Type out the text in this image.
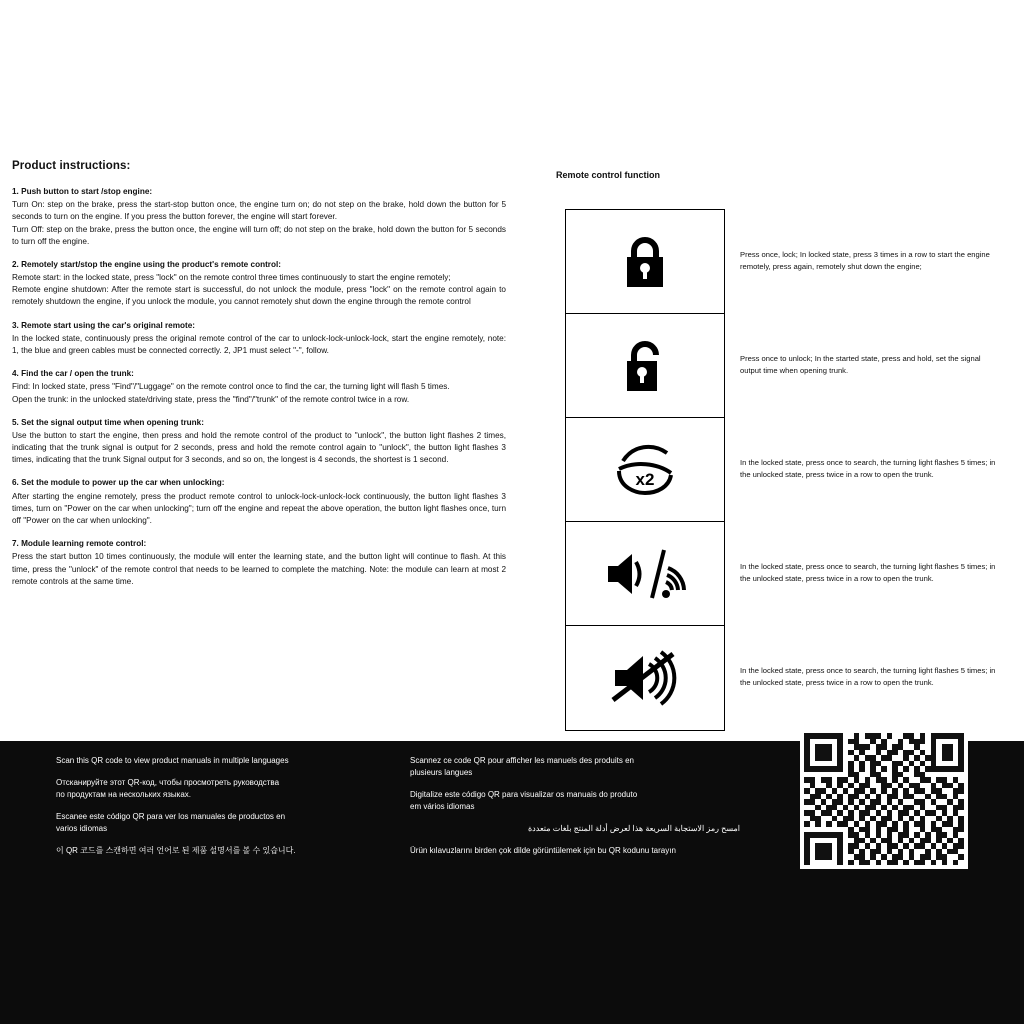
Product instructions:
1. Push button to start /stop engine:

Turn On: step on the brake, press the start-stop button once, the engine turn on; do not step on the brake, hold down the button for 5 seconds to turn on the engine. If you press the button forever, the engine will start forever.

Turn Off: step on the brake, press the button once, the engine will turn off; do not step on the brake, hold down the button for 5 seconds to turn off the engine.

2. Remotely start/stop the engine using the product's remote control:

Remote start: in the locked state, press "lock" on the remote control three times continuously to start the engine remotely;

Remote engine shutdown: After the remote start is successful, do not unlock the module, press "lock" on the remote control again to remotely shutdown the engine, if you unlock the module, you cannot remotely shut down the engine through the remote control

3. Remote start using the car's original remote:

In the locked state, continuously press the original remote control of the car to unlock-lock-unlock-lock, start the engine remotely, note: 1, the blue and green cables must be connected correctly. 2, JP1 must select "-", follow.

4. Find the car / open the trunk:

Find: In locked state, press "Find"/"Luggage" on the remote control once to find the car, the turning light will flash 5 times.

Open the trunk: in the unlocked state/driving state, press the "find"/"trunk" of the remote control twice in a row.

5. Set the signal output time when opening trunk:

Use the button to start the engine, then press and hold the remote control of the product to "unlock", the button light flashes 2 times, indicating that the trunk signal is output for 2 seconds, press and hold the remote control again to "unlock", the button light flashes 3 times, indicating that the trunk Signal output for 3 seconds, and so on, the longest is 4 seconds, the shortest is 1 second.

6. Set the module to power up the car when unlocking:

After starting the engine remotely, press the product remote control to unlock-lock-unlock-lock continuously, the button light flashes 3 times, turn on "Power on the car when unlocking"; turn off the engine and repeat the above operation, the button light flashes once, turn off "Power on the car when unlocking".

7. Module learning remote control:

Press the start button 10 times continuously, the module will enter the learning state, and the button light will continue to flash. At this time, press the "unlock" of the remote control that needs to be learned to complete the matching. Note: the module can learn at most 2 remote controls at the same time.

Remote control function
x2
Press once, lock; In locked state, press 3 times in a row to start the engine remotely, press again, remotely shut down the engine;
Press once to unlock; In the started state, press and hold, set the signal output time when opening trunk.
In the locked state, press once to search, the turning light flashes 5 times; in the unlocked state, press twice in a row to open the trunk.
In the locked state, press once to search, the turning light flashes 5 times; in the unlocked state, press twice in a row to open the trunk.
In the locked state, press once to search, the turning light flashes 5 times; in the unlocked state, press twice in a row to open the trunk.
Scan this QR code to view product manuals in multiple languages
Отсканируйте этот QR-код, чтобы просмотреть руководства
по продуктам на нескольких языках.
Escanee este código QR para ver los manuales de productos en
varios idiomas
이 QR 코드를 스캔하면 여러 언어로 된 제품 설명서를 볼 수 있습니다.
Scannez ce code QR pour afficher les manuels des produits en
plusieurs langues
Digitalize este código QR para visualizar os manuais do produto
em vários idiomas
امسح رمز الاستجابة السريعة هذا لعرض أدلة المنتج بلغات متعددة
Ürün kılavuzlarını birden çok dilde görüntülemek için bu QR kodunu tarayın
